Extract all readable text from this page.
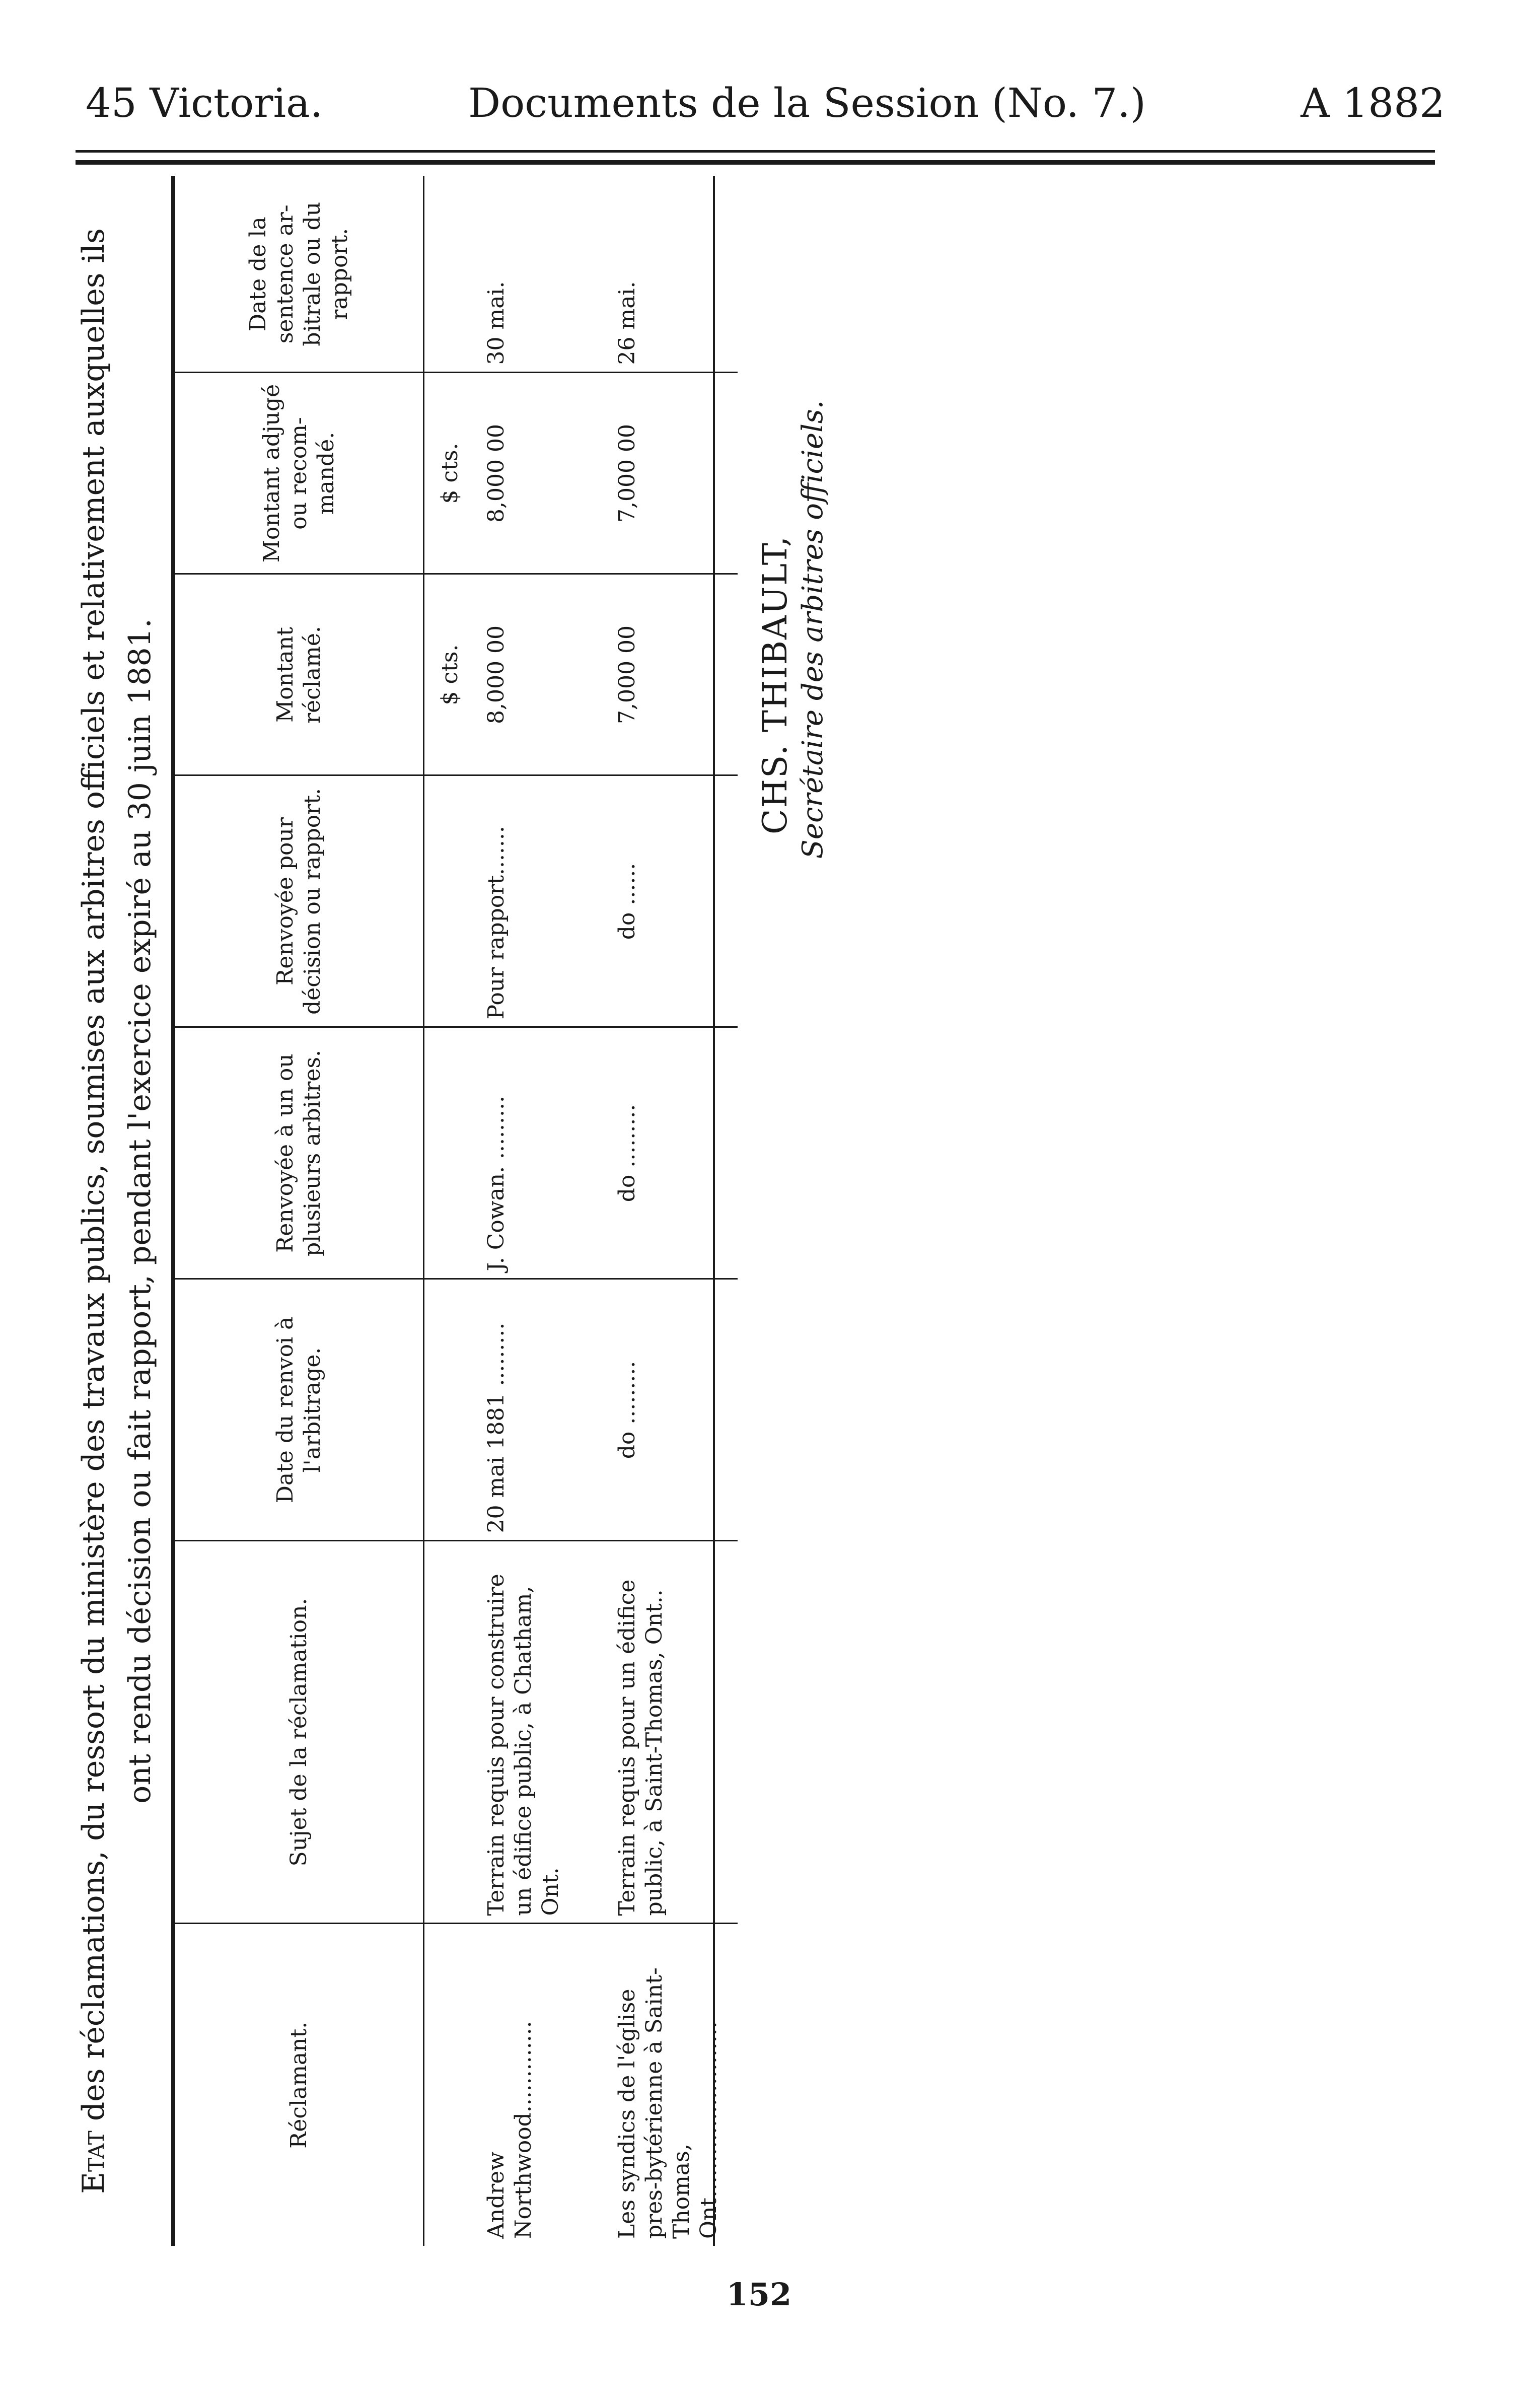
45 Victoria.	Documents de la Session (No. 7.)	A 1882
Etat des réclamations, du ressort du ministère des travaux publics, soumises aux arbitres officiels et relativement auxquelles ils ont rendu décision ou fait rapport, pendant l'exercice expiré au 30 juin 1881.
Réclamant.	Sujet de la réclamation.	Date du renvoi à l'arbitrage.	Renvoyée à un ou plusieurs arbitres.	Renvoyée pour décision ou rapport.	Montant réclamé.	Montant adjugé ou recom-mandé.	Date de la sentence ar-bitrale ou du rapport.
					$ cts.	$ cts.	
Andrew Northwood.............	Terrain requis pour construire un édifice public, à Chatham, Ont.	20 mai 1881 .........	J. Cowan. .........	Pour rapport.......	8,000 00	8,000 00	30 mai.
Les syndics de l'église pres-bytérienne à Saint-Thomas, Ont.........................	Terrain requis pour un édifice public, à Saint-Thomas, Ont..	do .........	do .........	do ......	7,000 00	7,000 00	26 mai.
CHS. THIBAULT, Secrétaire des arbitres officiels.
152
